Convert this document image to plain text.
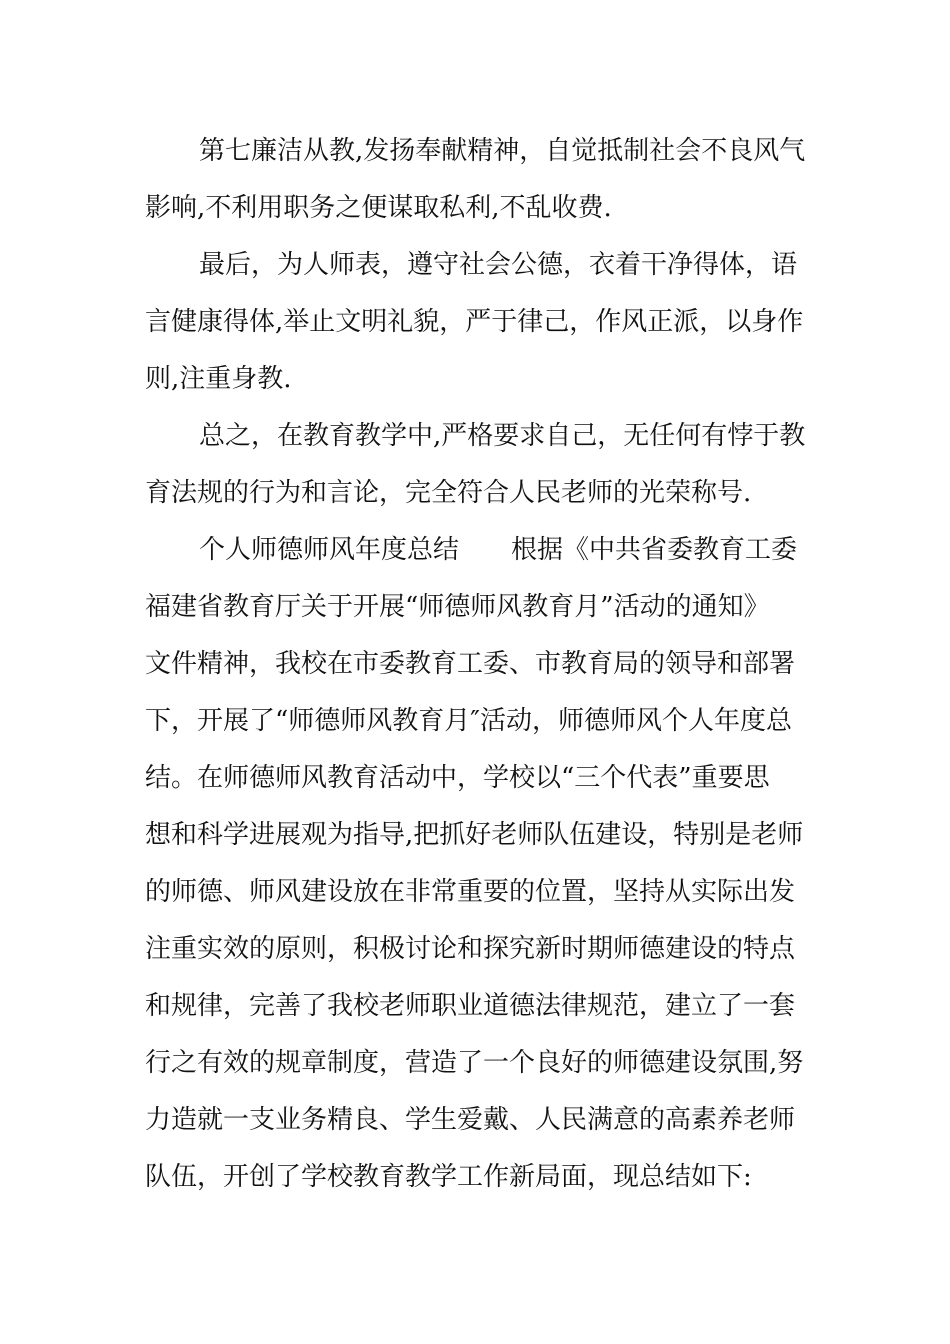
第七廉洁从教,发扬奉献精神，自觉抵制社会不良风气
影响,不利用职务之便谋取私利,不乱收费.

最后，为人师表，遵守社会公德，衣着干净得体，语
言健康得体,举止文明礼貌，严于律己，作风正派，以身作
则,注重身教.

总之，在教育教学中,严格要求自己，无任何有悖于教
育法规的行为和言论，完全符合人民老师的光荣称号.

个人师德师风年度总结　　根据《中共省委教育工委
福建省教育厅关于开展“师德师风教育月”活动的通知》
文件精神，我校在市委教育工委、市教育局的领导和部署
下，开展了“师德师风教育月″活动，师德师风个人年度总
结。在师德师风教育活动中，学校以“三个代表”重要思
想和科学进展观为指导,把抓好老师队伍建设，特别是老师
的师德、师风建设放在非常重要的位置，坚持从实际出发
注重实效的原则，积极讨论和探究新时期师德建设的特点
和规律，完善了我校老师职业道德法律规范，建立了一套
行之有效的规章制度，营造了一个良好的师德建设氛围,努
力造就一支业务精良、学生爱戴、人民满意的高素养老师
队伍，开创了学校教育教学工作新局面，现总结如下:
